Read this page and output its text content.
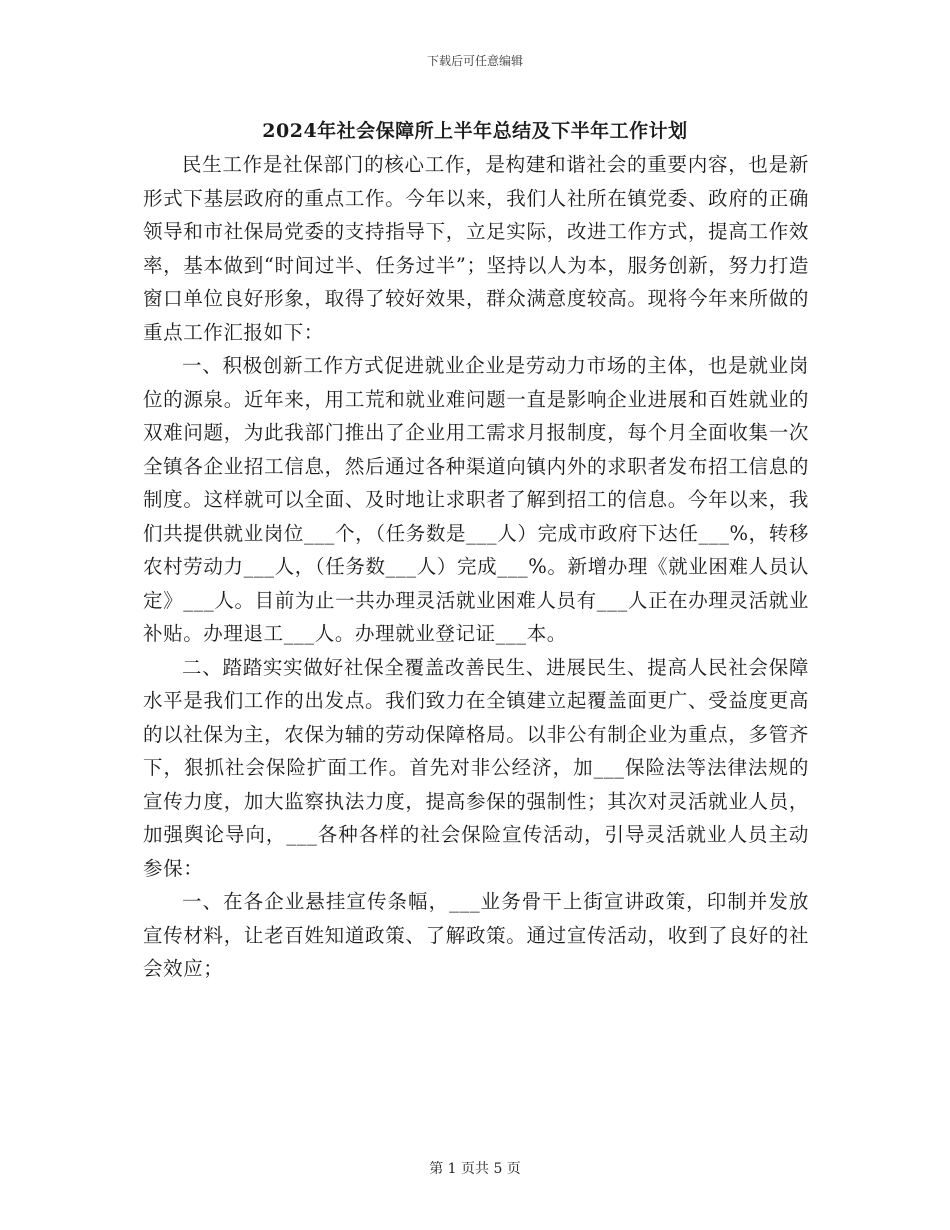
下载后可任意编辑
2024年社会保障所上半年总结及下半年工作计划

民生工作是社保部门的核心工作，是构建和谐社会的重要内容，也是新形式下基层政府的重点工作。今年以来，我们人社所在镇党委、政府的正确领导和市社保局党委的支持指导下，立足实际，改进工作方式，提高工作效率，基本做到“时间过半、任务过半”；坚持以人为本，服务创新，努力打造窗口单位良好形象，取得了较好效果，群众满意度较高。现将今年来所做的重点工作汇报如下：

一、积极创新工作方式促进就业企业是劳动力市场的主体，也是就业岗位的源泉。近年来，用工荒和就业难问题一直是影响企业进展和百姓就业的双难问题，为此我部门推出了企业用工需求月报制度，每个月全面收集一次全镇各企业招工信息，然后通过各种渠道向镇内外的求职者发布招工信息的制度。这样就可以全面、及时地让求职者了解到招工的信息。今年以来，我们共提供就业岗位___个，（任务数是___人）完成市政府下达任___%，转移农村劳动力___人，（任务数___人）完成___%。新增办理《就业困难人员认定》___人。目前为止一共办理灵活就业困难人员有___人正在办理灵活就业补贴。办理退工___人。办理就业登记证___本。

二、踏踏实实做好社保全覆盖改善民生、进展民生、提高人民社会保障水平是我们工作的出发点。我们致力在全镇建立起覆盖面更广、受益度更高的以社保为主，农保为辅的劳动保障格局。以非公有制企业为重点，多管齐下，狠抓社会保险扩面工作。首先对非公经济，加___保险法等法律法规的宣传力度，加大监察执法力度，提高参保的强制性；其次对灵活就业人员，加强舆论导向，___各种各样的社会保险宣传活动，引导灵活就业人员主动参保：

一、在各企业悬挂宣传条幅，___业务骨干上街宣讲政策，印制并发放宣传材料，让老百姓知道政策、了解政策。通过宣传活动，收到了良好的社会效应；

第 1 页共 5 页
